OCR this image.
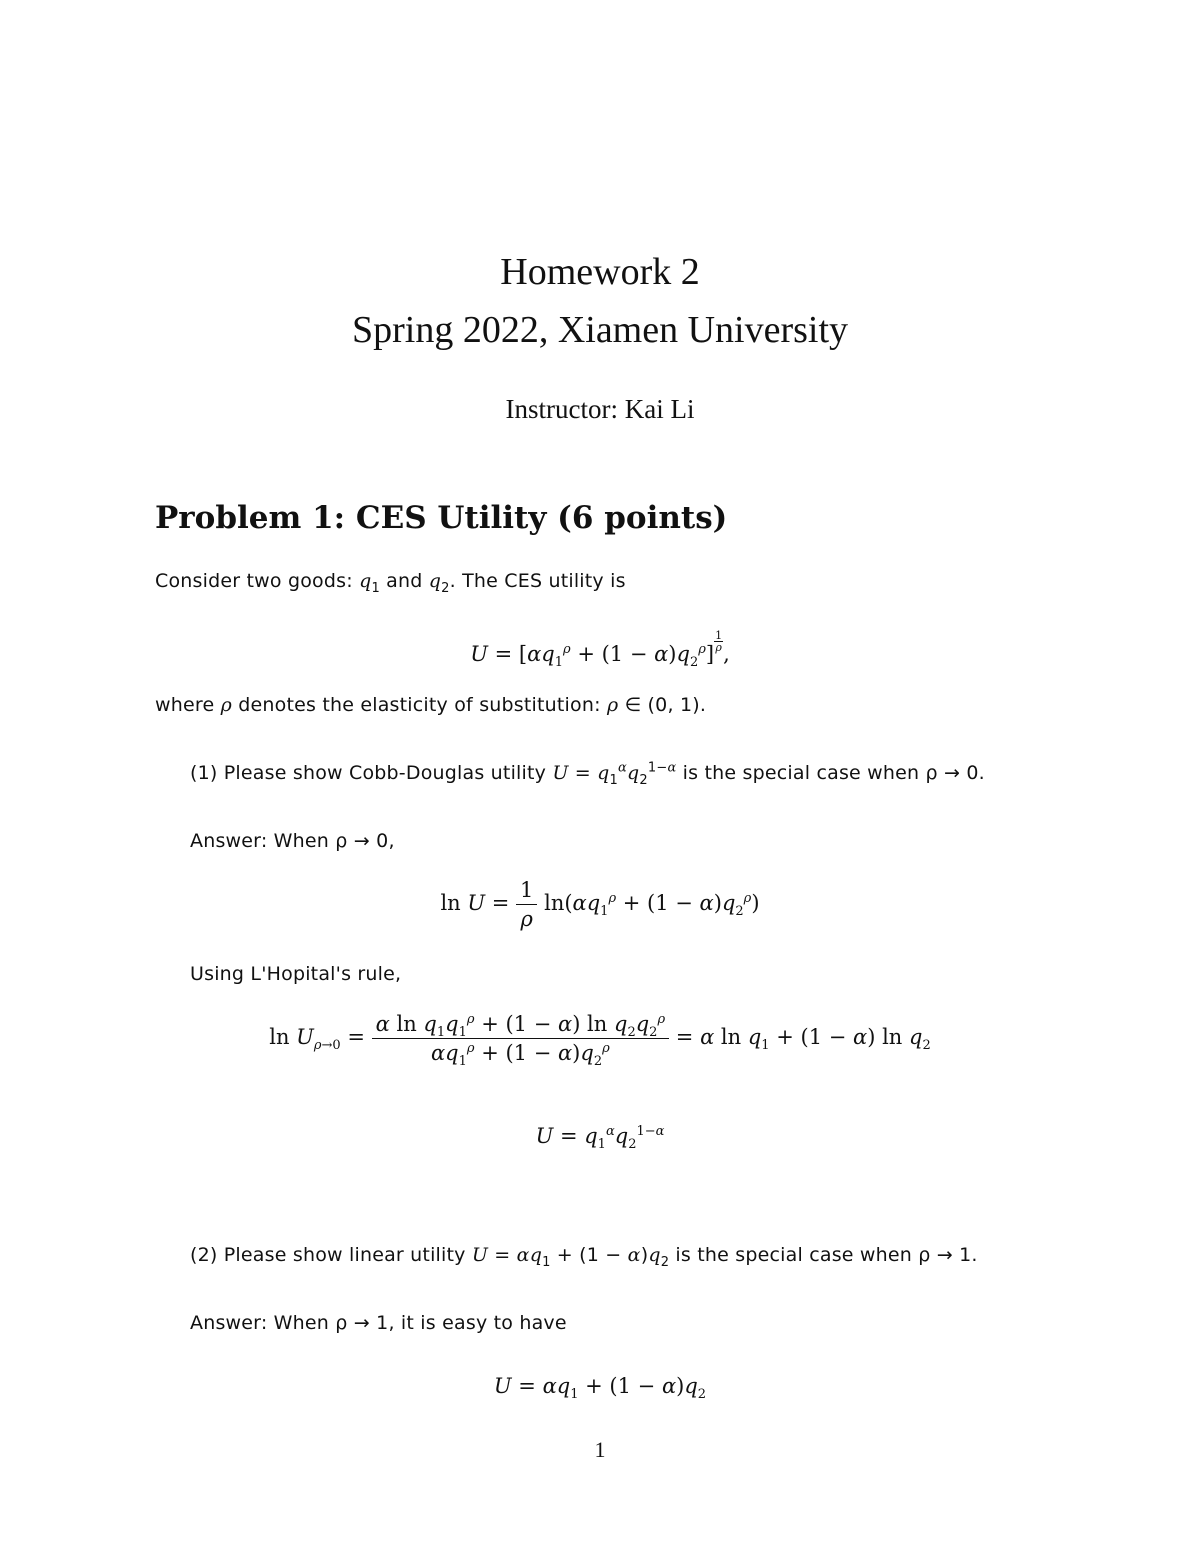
Homework 2
Spring 2022, Xiamen University
Instructor: Kai Li
Problem 1: CES Utility (6 points)
Consider two goods: $q_1$ and $q_2$. The CES utility is
$U = [\alpha q_1^\rho + (1 - \alpha)q_2^\rho]$
$\frac{1}{\rho}$
,
where ρ denotes the elasticity of substitution: ρ ∈ (0, 1).
(1) Please show Cobb-Douglas utility $U = q_1^\alpha q_2^{1-\alpha}$ is the special case when ρ → 0.
Answer: When ρ → 0,
$\ln U = \frac{1}{\rho} \ln(\alpha q_1^\rho + (1 - \alpha)q_2^\rho)$
Using L'Hopital's rule,
$\ln U_{\rho\to 0} = \frac{\alpha \ln q_1q_1^\rho + (1 - \alpha) \ln q_2q_2^\rho}{\alpha q_1^\rho + (1 - \alpha)q_2^\rho} = \alpha$ $\ln q_1 + (1 - \alpha)$ $\ln q_2$
$U = q_1^\alpha q_2^{1-\alpha}$
(2) Please show linear utility $U = \alpha q_1 + (1 - \alpha)q_2$ is the special case when ρ → 1.
Answer: When ρ → 1, it is easy to have
$U = \alpha q_1 + (1 - \alpha)q_2$
1
